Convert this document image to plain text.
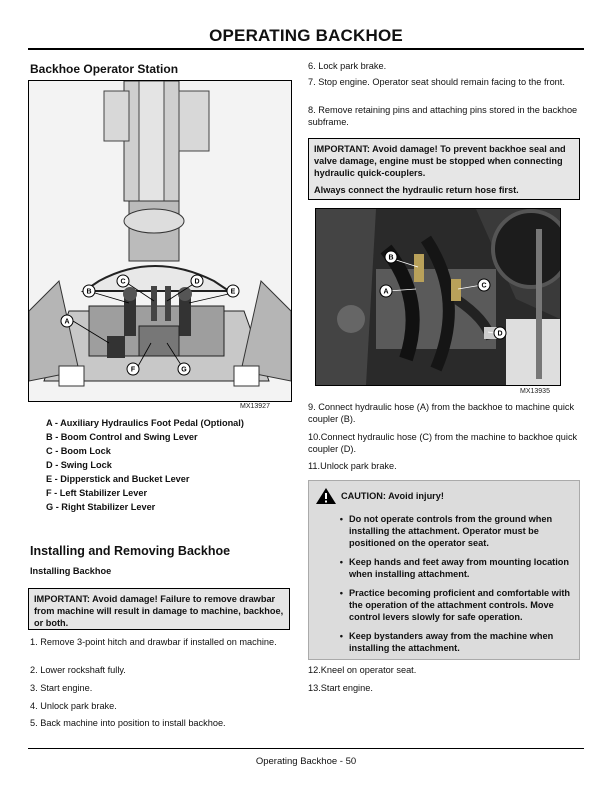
OPERATING BACKHOE
Backhoe Operator Station
A
B
C	D
E
F	G
MX13927
A - Auxiliary Hydraulics Foot Pedal (Optional)
B - Boom Control and Swing Lever
C - Boom Lock
D - Swing Lock
E - Dipperstick and Bucket Lever
F - Left Stabilizer Lever
G - Right Stabilizer Lever
Installing and Removing Backhoe
Installing Backhoe
IMPORTANT: Avoid damage! Failure to remove drawbar from machine will result in damage to machine, backhoe, or both.
1. Remove 3-point hitch and drawbar if installed on machine.
2. Lower rockshaft fully.
3. Start engine.
4. Unlock park brake.
5. Back machine into position to install backhoe.
6. Lock park brake.
7. Stop engine. Operator seat should remain facing to the front.
8. Remove retaining pins and attaching pins stored in the backhoe subframe.
IMPORTANT: Avoid damage! To prevent backhoe seal and valve damage, engine must be stopped when connecting hydraulic quick-couplers.
Always connect the hydraulic return hose first.
B
A
C
D
MX13935
9. Connect hydraulic hose (A) from the backhoe to machine quick coupler (B).
10.Connect hydraulic hose (C) from the machine to backhoe quick coupler (D).
11.Unlock park brake.
CAUTION: Avoid injury!
• Do not operate controls from the ground when installing the attachment. Operator must be positioned on the operator seat.
• Keep hands and feet away from mounting location when installing attachment.
• Practice becoming proficient and comfortable with the operation of the attachment controls. Move control levers slowly for safe operation.
• Keep bystanders away from the machine when installing the attachment.
12.Kneel on operator seat.
13.Start engine.
Operating Backhoe - 50
